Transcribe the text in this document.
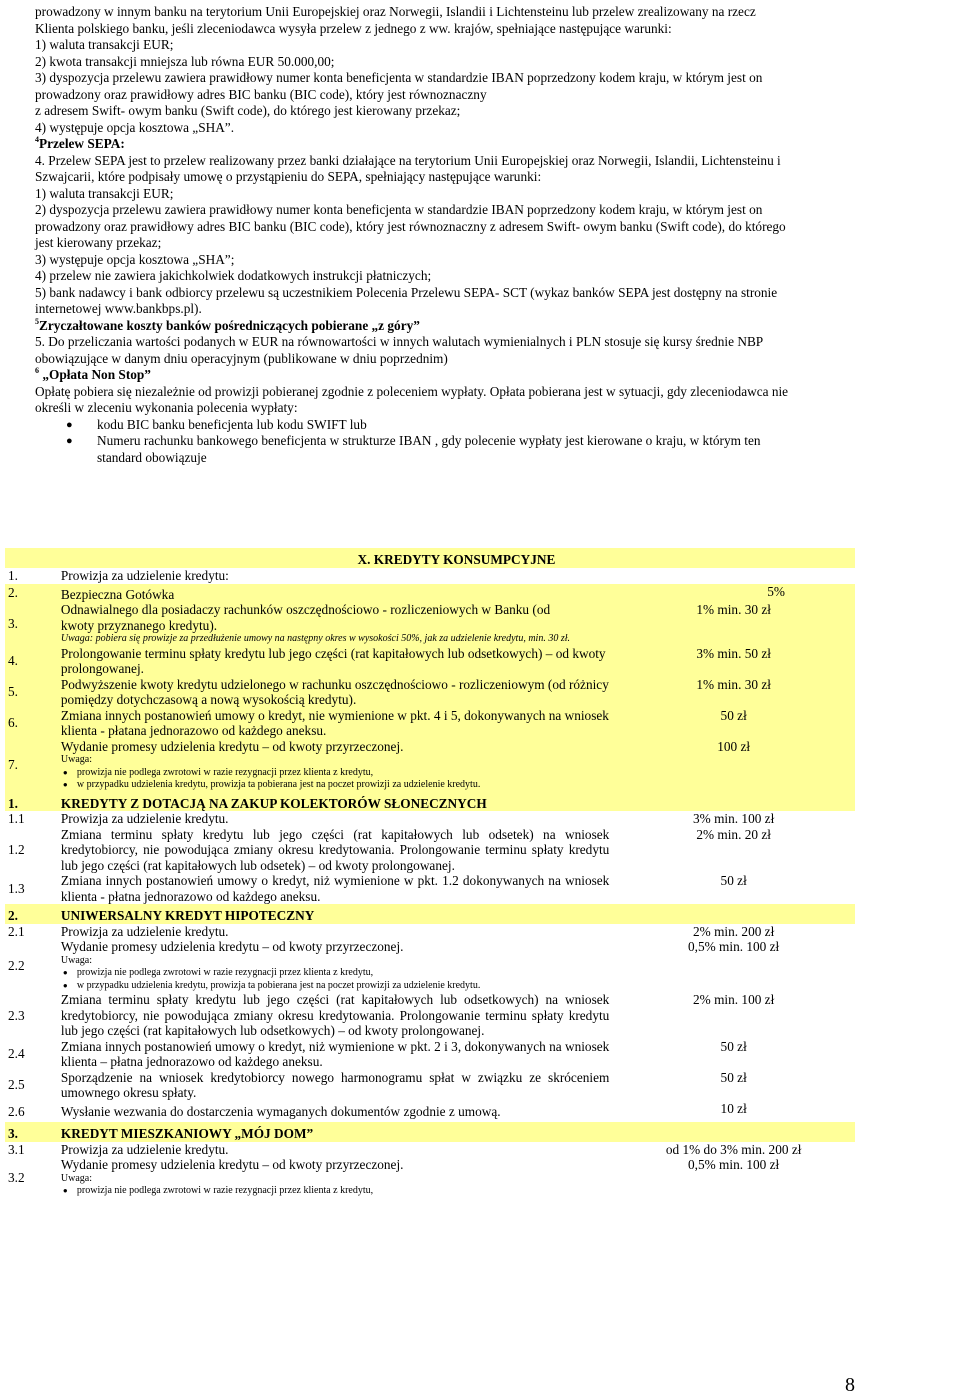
prowadzony w innym banku na terytorium Unii Europejskiej oraz Norwegii, Islandii i Lichtensteinu lub przelew zrealizowany na rzecz

Klienta polskiego banku, jeśli zleceniodawca wysyła przelew z jednego z ww. krajów, spełniające następujące warunki:

1) waluta transakcji EUR;

2) kwota transakcji mniejsza lub równa EUR 50.000,00;

3) dyspozycja przelewu zawiera prawidłowy numer konta beneficjenta w standardzie IBAN poprzedzony kodem kraju, w którym jest on

prowadzony oraz prawidłowy adres BIC banku (BIC code), który jest równoznaczny

z adresem Swift- owym banku (Swift code), do którego jest kierowany przekaz;

4) występuje opcja kosztowa „SHA”.

$^4$Przelew SEPA:

4. Przelew SEPA jest to przelew realizowany przez banki działające na terytorium Unii Europejskiej oraz Norwegii, Islandii, Lichtensteinu i

Szwajcarii, które podpisały umowę o przystąpieniu do SEPA, spełniający następujące warunki:

1) waluta transakcji EUR;

2) dyspozycja przelewu zawiera prawidłowy numer konta beneficjenta w standardzie IBAN poprzedzony kodem kraju, w którym jest on

prowadzony oraz prawidłowy adres BIC banku (BIC code), który jest równoznaczny z adresem Swift- owym banku (Swift code), do którego

jest kierowany przekaz;

3) występuje opcja kosztowa „SHA”;

4) przelew nie zawiera jakichkolwiek dodatkowych instrukcji płatniczych;

5) bank nadawcy i bank odbiorcy przelewu są uczestnikiem Polecenia Przelewu SEPA- SCT (wykaz banków SEPA jest dostępny na stronie

internetowej www.bankbps.pl).

$^5$Zryczałtowane koszty banków pośredniczących pobierane „z góry”

5. Do przeliczania wartości podanych w EUR na równowartości w innych walutach wymienialnych i PLN stosuje się kursy średnie NBP

obowiązujące w danym dniu operacyjnym (publikowane w dniu poprzednim)

$^6$ „Opłata Non Stop”

Opłatę pobiera się niezależnie od prowizji pobieranej zgodnie z poleceniem wypłaty. Opłata pobierana jest w sytuacji, gdy zleceniodawca nie

określi w zleceniu wykonania polecenia wypłaty:

● kodu BIC banku beneficjenta lub kodu SWIFT lub
● Numeru rachunku bankowego beneficjenta w strukturze IBAN , gdy polecenie wypłaty jest kierowane o kraju, w którym ten
standard obowiązuje
	X. KREDYTY KONSUMPCYJNE	
1.	Prowizja za udzielenie kredytu:	
2.	Bezpieczna Gotówka	5%
3.	Odnawialnego dla posiadaczy rachunków oszczędnościowo - rozliczeniowych w Banku (od
kwoty przyznanego kredytu).
Uwaga: pobiera się prowizje za przedłużenie umowy na następny okres w wysokości 50%, jak za udzielenie kredytu, min. 30 zł.	1% min. 30 zł
4.	Prolongowanie terminu spłaty kredytu lub jego części (rat kapitałowych lub odsetkowych) – od kwoty prolongowanej.	3% min. 50 zł
5.	Podwyższenie kwoty kredytu udzielonego w rachunku oszczędnościowo - rozliczeniowym (od różnicy pomiędzy dotychczasową a nową wysokością kredytu).	1% min. 30 zł
6.	Zmiana innych postanowień umowy o kredyt, nie wymienione w pkt. 4 i 5, dokonywanych na wniosek klienta - płatana jednorazowo od każdego aneksu.	50 zł
7.	Wydanie promesy udzielenia kredytu – od kwoty przyrzeczonej.
Uwaga:
● prowizja nie podlega zwrotowi w razie rezygnacji przez klienta z kredytu,
● w przypadku udzielenia kredytu, prowizja ta pobierana jest na poczet prowizji za udzielenie kredytu.	100 zł
1.	KREDYTY Z DOTACJĄ NA ZAKUP KOLEKTORÓW SŁONECZNYCH	
1.1	Prowizja za udzielenie kredytu.	3% min. 100 zł
1.2	Zmiana terminu spłaty kredytu lub jego części (rat kapitałowych lub odsetek) na wniosek kredytobiorcy, nie powodująca zmiany okresu kredytowania. Prolongowanie terminu spłaty kredytu lub jego części (rat kapitałowych lub odsetek) – od kwoty prolongowanej.	2% min. 20 zł
1.3	Zmiana innych postanowień umowy o kredyt, niż wymienione w pkt. 1.2 dokonywanych na wniosek klienta - płatna jednorazowo od każdego aneksu.	50 zł
2.	UNIWERSALNY KREDYT HIPOTECZNY	
2.1	Prowizja za udzielenie kredytu.	2% min. 200 zł
2.2	Wydanie promesy udzielenia kredytu – od kwoty przyrzeczonej.
Uwaga:
● prowizja nie podlega zwrotowi w razie rezygnacji przez klienta z kredytu,
● w przypadku udzielenia kredytu, prowizja ta pobierana jest na poczet prowizji za udzielenie kredytu.	0,5% min. 100 zł
2.3	Zmiana terminu spłaty kredytu lub jego części (rat kapitałowych lub odsetkowych) na wniosek kredytobiorcy, nie powodująca zmiany okresu kredytowania. Prolongowanie terminu spłaty kredytu lub jego części (rat kapitałowych lub odsetkowych) – od kwoty prolongowanej.	2% min. 100 zł
2.4	Zmiana innych postanowień umowy o kredyt, niż wymienione w pkt. 2 i 3, dokonywanych na wniosek klienta – płatna jednorazowo od każdego aneksu.	50 zł
2.5	Sporządzenie na wniosek kredytobiorcy nowego harmonogramu spłat w związku ze skróceniem umownego okresu spłaty.	50 zł
2.6	Wysłanie wezwania do dostarczenia wymaganych dokumentów zgodnie z umową.	10 zł
3.	KREDYT MIESZKANIOWY „MÓJ DOM”	
3.1	Prowizja za udzielenie kredytu.	od 1% do 3% min. 200 zł
3.2	Wydanie promesy udzielenia kredytu – od kwoty przyrzeczonej.
Uwaga:
● prowizja nie podlega zwrotowi w razie rezygnacji przez klienta z kredytu,	0,5% min. 100 zł
8
